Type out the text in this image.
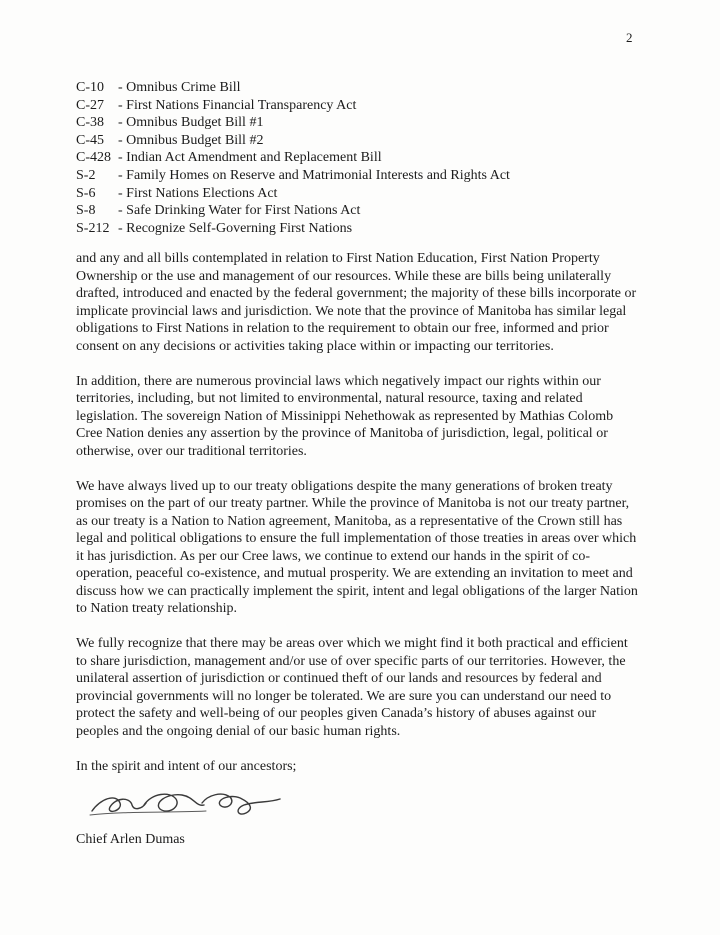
2
C-10	- Omnibus Crime Bill
C-27	- First Nations Financial Transparency Act
C-38	- Omnibus Budget Bill #1
C-45	- Omnibus Budget Bill #2
C-428 - Indian Act Amendment and Replacement Bill
S-2	- Family Homes on Reserve and Matrimonial Interests and Rights Act
S-6	- First Nations Elections Act
S-8	- Safe Drinking Water for First Nations Act
S-212 - Recognize Self-Governing First Nations

and any and all bills contemplated in relation to First Nation Education, First Nation Property Ownership or the use and management of our resources. While these are bills being unilaterally drafted, introduced and enacted by the federal government; the majority of these bills incorporate or implicate provincial laws and jurisdiction. We note that the province of Manitoba has similar legal obligations to First Nations in relation to the requirement to obtain our free, informed and prior consent on any decisions or activities taking place within or impacting our territories.

In addition, there are numerous provincial laws which negatively impact our rights within our territories, including, but not limited to environmental, natural resource, taxing and related legislation. The sovereign Nation of Missinippi Nehethowak as represented by Mathias Colomb Cree Nation denies any assertion by the province of Manitoba of jurisdiction, legal, political or otherwise, over our traditional territories.

We have always lived up to our treaty obligations despite the many generations of broken treaty promises on the part of our treaty partner. While the province of Manitoba is not our treaty partner, as our treaty is a Nation to Nation agreement, Manitoba, as a representative of the Crown still has legal and political obligations to ensure the full implementation of those treaties in areas over which it has jurisdiction. As per our Cree laws, we continue to extend our hands in the spirit of co-operation, peaceful co-existence, and mutual prosperity. We are extending an invitation to meet and discuss how we can practically implement the spirit, intent and legal obligations of the larger Nation to Nation treaty relationship.

We fully recognize that there may be areas over which we might find it both practical and efficient to share jurisdiction, management and/or use of over specific parts of our territories. However, the unilateral assertion of jurisdiction or continued theft of our lands and resources by federal and provincial governments will no longer be tolerated. We are sure you can understand our need to protect the safety and well-being of our peoples given Canada’s history of abuses against our peoples and the ongoing denial of our basic human rights.

In the spirit and intent of our ancestors;

Chief Arlen Dumas
